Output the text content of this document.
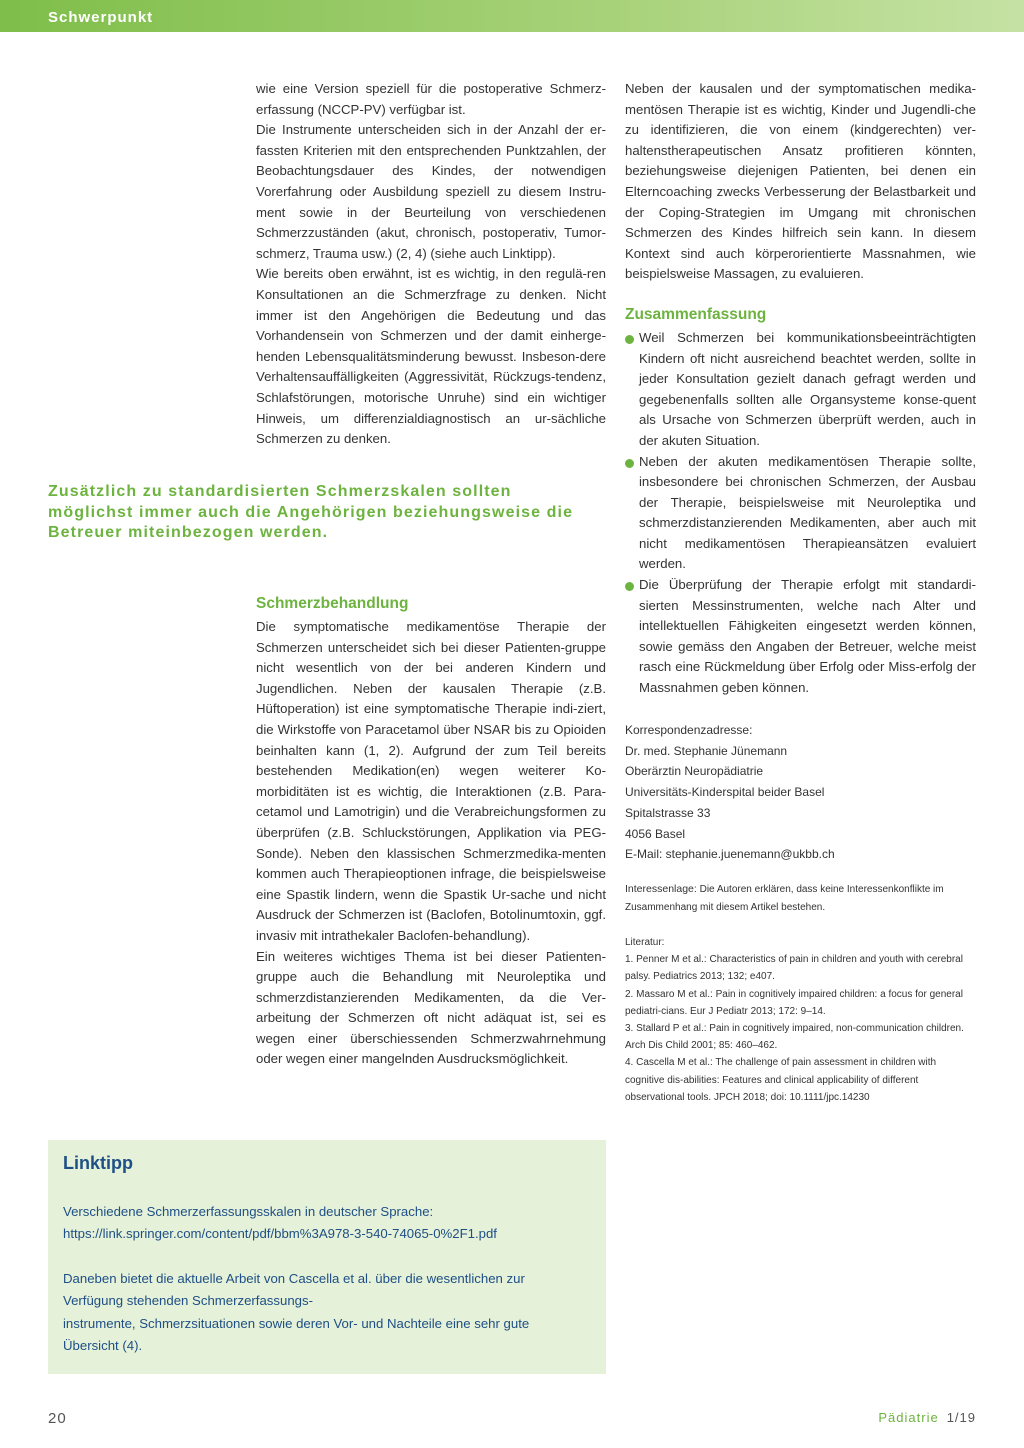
Schwerpunkt

wie eine Version speziell für die postoperative Schmerz-erfassung (NCCP-PV) verfügbar ist.

Die Instrumente unterscheiden sich in der Anzahl der er-fassten Kriterien mit den entsprechenden Punktzahlen, der Beobachtungsdauer des Kindes, der notwendigen Vorerfahrung oder Ausbildung speziell zu diesem Instru-ment sowie in der Beurteilung von verschiedenen Schmerzzuständen (akut, chronisch, postoperativ, Tumor-schmerz, Trauma usw.) (2, 4) (siehe auch Linktipp).

Wie bereits oben erwähnt, ist es wichtig, in den regulä-ren Konsultationen an die Schmerzfrage zu denken. Nicht immer ist den Angehörigen die Bedeutung und das Vorhandensein von Schmerzen und der damit einherge-henden Lebensqualitätsminderung bewusst. Insbeson-dere Verhaltensauffälligkeiten (Aggressivität, Rückzugs-tendenz, Schlafstörungen, motorische Unruhe) sind ein wichtiger Hinweis, um differenzialdiagnostisch an ur-sächliche Schmerzen zu denken.

Zusätzlich zu standardisierten Schmerzskalen sollten möglichst immer auch die Angehörigen beziehungsweise die Betreuer miteinbezogen werden.
Schmerzbehandlung

Die symptomatische medikamentöse Therapie der Schmerzen unterscheidet sich bei dieser Patienten-gruppe nicht wesentlich von der bei anderen Kindern und Jugendlichen. Neben der kausalen Therapie (z.B. Hüftoperation) ist eine symptomatische Therapie indi-ziert, die Wirkstoffe von Paracetamol über NSAR bis zu Opioiden beinhalten kann (1, 2). Aufgrund der zum Teil bereits bestehenden Medikation(en) wegen weiterer Ko-morbiditäten ist es wichtig, die Interaktionen (z.B. Para-cetamol und Lamotrigin) und die Verabreichungsformen zu überprüfen (z.B. Schluckstörungen, Applikation via PEG-Sonde). Neben den klassischen Schmerzmedika-menten kommen auch Therapieoptionen infrage, die beispielsweise eine Spastik lindern, wenn die Spastik Ur-sache und nicht Ausdruck der Schmerzen ist (Baclofen, Botolinumtoxin, ggf. invasiv mit intrathekaler Baclofen-behandlung).

Ein weiteres wichtiges Thema ist bei dieser Patienten-gruppe auch die Behandlung mit Neuroleptika und schmerzdistanzierenden Medikamenten, da die Ver-arbeitung der Schmerzen oft nicht adäquat ist, sei es wegen einer überschiessenden Schmerzwahrnehmung oder wegen einer mangelnden Ausdrucksmöglichkeit.

Neben der kausalen und der symptomatischen medika-mentösen Therapie ist es wichtig, Kinder und Jugendli-che zu identifizieren, die von einem (kindgerechten) ver-haltenstherapeutischen Ansatz profitieren könnten, beziehungsweise diejenigen Patienten, bei denen ein Elterncoaching zwecks Verbesserung der Belastbarkeit und der Coping-Strategien im Umgang mit chronischen Schmerzen des Kindes hilfreich sein kann. In diesem Kontext sind auch körperorientierte Massnahmen, wie beispielsweise Massagen, zu evaluieren.

Zusammenfassung
Weil Schmerzen bei kommunikationsbeeinträchtigten Kindern oft nicht ausreichend beachtet werden, sollte in jeder Konsultation gezielt danach gefragt werden und gegebenenfalls sollten alle Organsysteme konse-quent als Ursache von Schmerzen überprüft werden, auch in der akuten Situation.
Neben der akuten medikamentösen Therapie sollte, insbesondere bei chronischen Schmerzen, der Ausbau der Therapie, beispielsweise mit Neuroleptika und schmerzdistanzierenden Medikamenten, aber auch mit nicht medikamentösen Therapieansätzen evaluiert werden.
Die Überprüfung der Therapie erfolgt mit standardi-sierten Messinstrumenten, welche nach Alter und intellektuellen Fähigkeiten eingesetzt werden können, sowie gemäss den Angaben der Betreuer, welche meist rasch eine Rückmeldung über Erfolg oder Miss-erfolg der Massnahmen geben können.

Korrespondenzadresse:

Dr. med. Stephanie Jünemann

Oberärztin Neuropädiatrie

Universitäts-Kinderspital beider Basel

Spitalstrasse 33

4056 Basel

E-Mail: stephanie.juenemann@ukbb.ch

Interessenlage: Die Autoren erklären, dass keine Interessenkonflikte im Zusammenhang mit diesem Artikel bestehen.

Literatur:

1. Penner M et al.: Characteristics of pain in children and youth with cerebral palsy. Pediatrics 2013; 132; e407.

2. Massaro M et al.: Pain in cognitively impaired children: a focus for general pediatri-cians. Eur J Pediatr 2013; 172: 9–14.

3. Stallard P et al.: Pain in cognitively impaired, non-communication children. Arch Dis Child 2001; 85: 460–462.

4. Cascella M et al.: The challenge of pain assessment in children with cognitive dis-abilities: Features and clinical applicability of different observational tools. JPCH 2018; doi: 10.1111/jpc.14230

Linktipp

Verschiedene Schmerzerfassungsskalen in deutscher Sprache:

https://link.springer.com/content/pdf/bbm%3A978-3-540-74065-0%2F1.pdf

Daneben bietet die aktuelle Arbeit von Cascella et al. über die wesentlichen zur

Verfügung stehenden Schmerzerfassungs-

instrumente, Schmerzsituationen sowie deren Vor- und Nachteile eine sehr gute

Übersicht (4).

20	Pädiatrie 1/19
